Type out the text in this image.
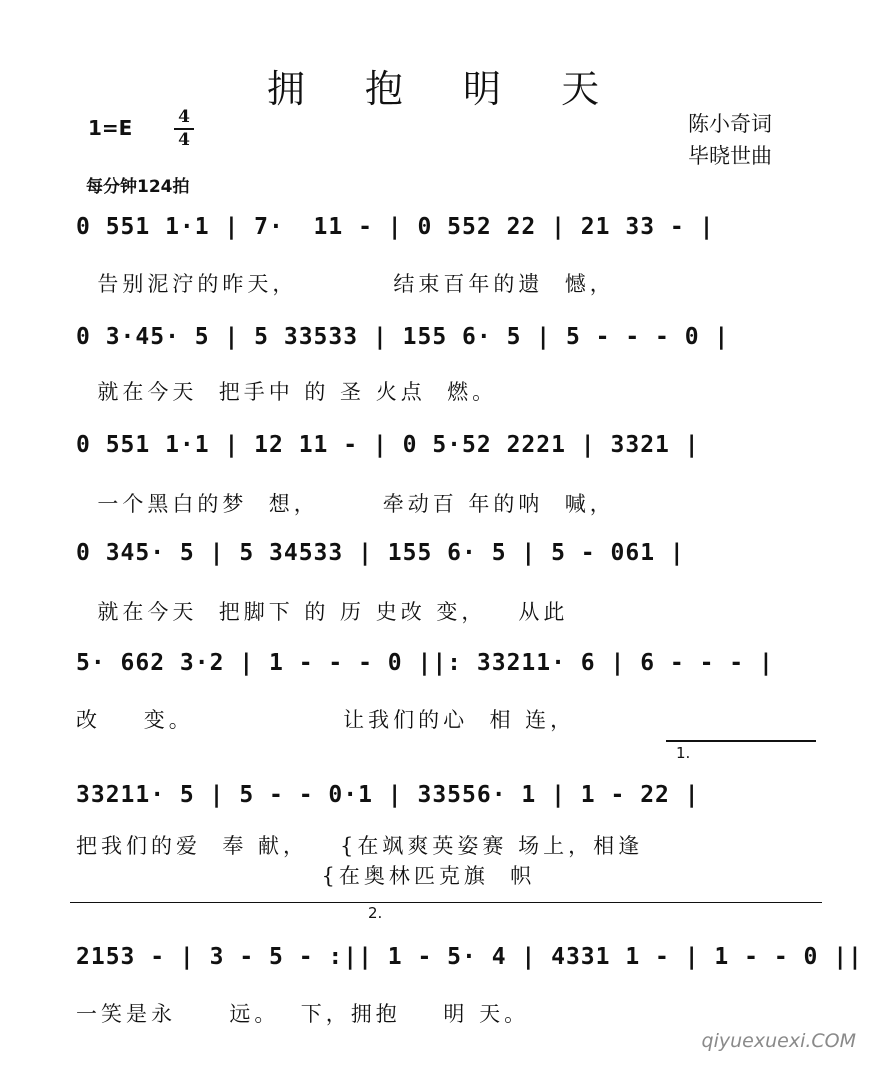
拥 抱 明 天
1=E	4
4
每分钟124拍
陈小奇词
毕晓世曲
0 551 1·1 | 7·  11 - | 0 552 22 | 21 33 - |
告别泥泞的昨天，         结束百年的遗  憾，
0 3·45· 5 | 5 33533 | 155 6· 5 | 5 - - - 0 |
就在今天  把手中 的 圣 火点  燃。
0 551 1·1 | 12 11 - | 0 5·52 2221 | 3321 |
一个黑白的梦  想，      牵动百 年的呐  喊，
0 345· 5 | 5 34533 | 155 6· 5 | 5 - 061 |
就在今天  把脚下 的 历 史改 变，   从此
5· 662 3·2 | 1 - - - 0 ||: 33211· 6 | 6 - - - |
改    变。              让我们的心  相 连，
1.
33211· 5 | 5 - - 0·1 | 33556· 1 | 1 - 22 |
把我们的爱  奉 献，   {在飒爽英姿赛 场上，相逢
{在奥林匹克旗  帜
2.
2153 - | 3 - 5 - :|| 1 - 5· 4 | 4331 1 - | 1 - - 0 ||
一笑是永     远。  下，拥抱    明 天。
qiyuexuexi.COM
